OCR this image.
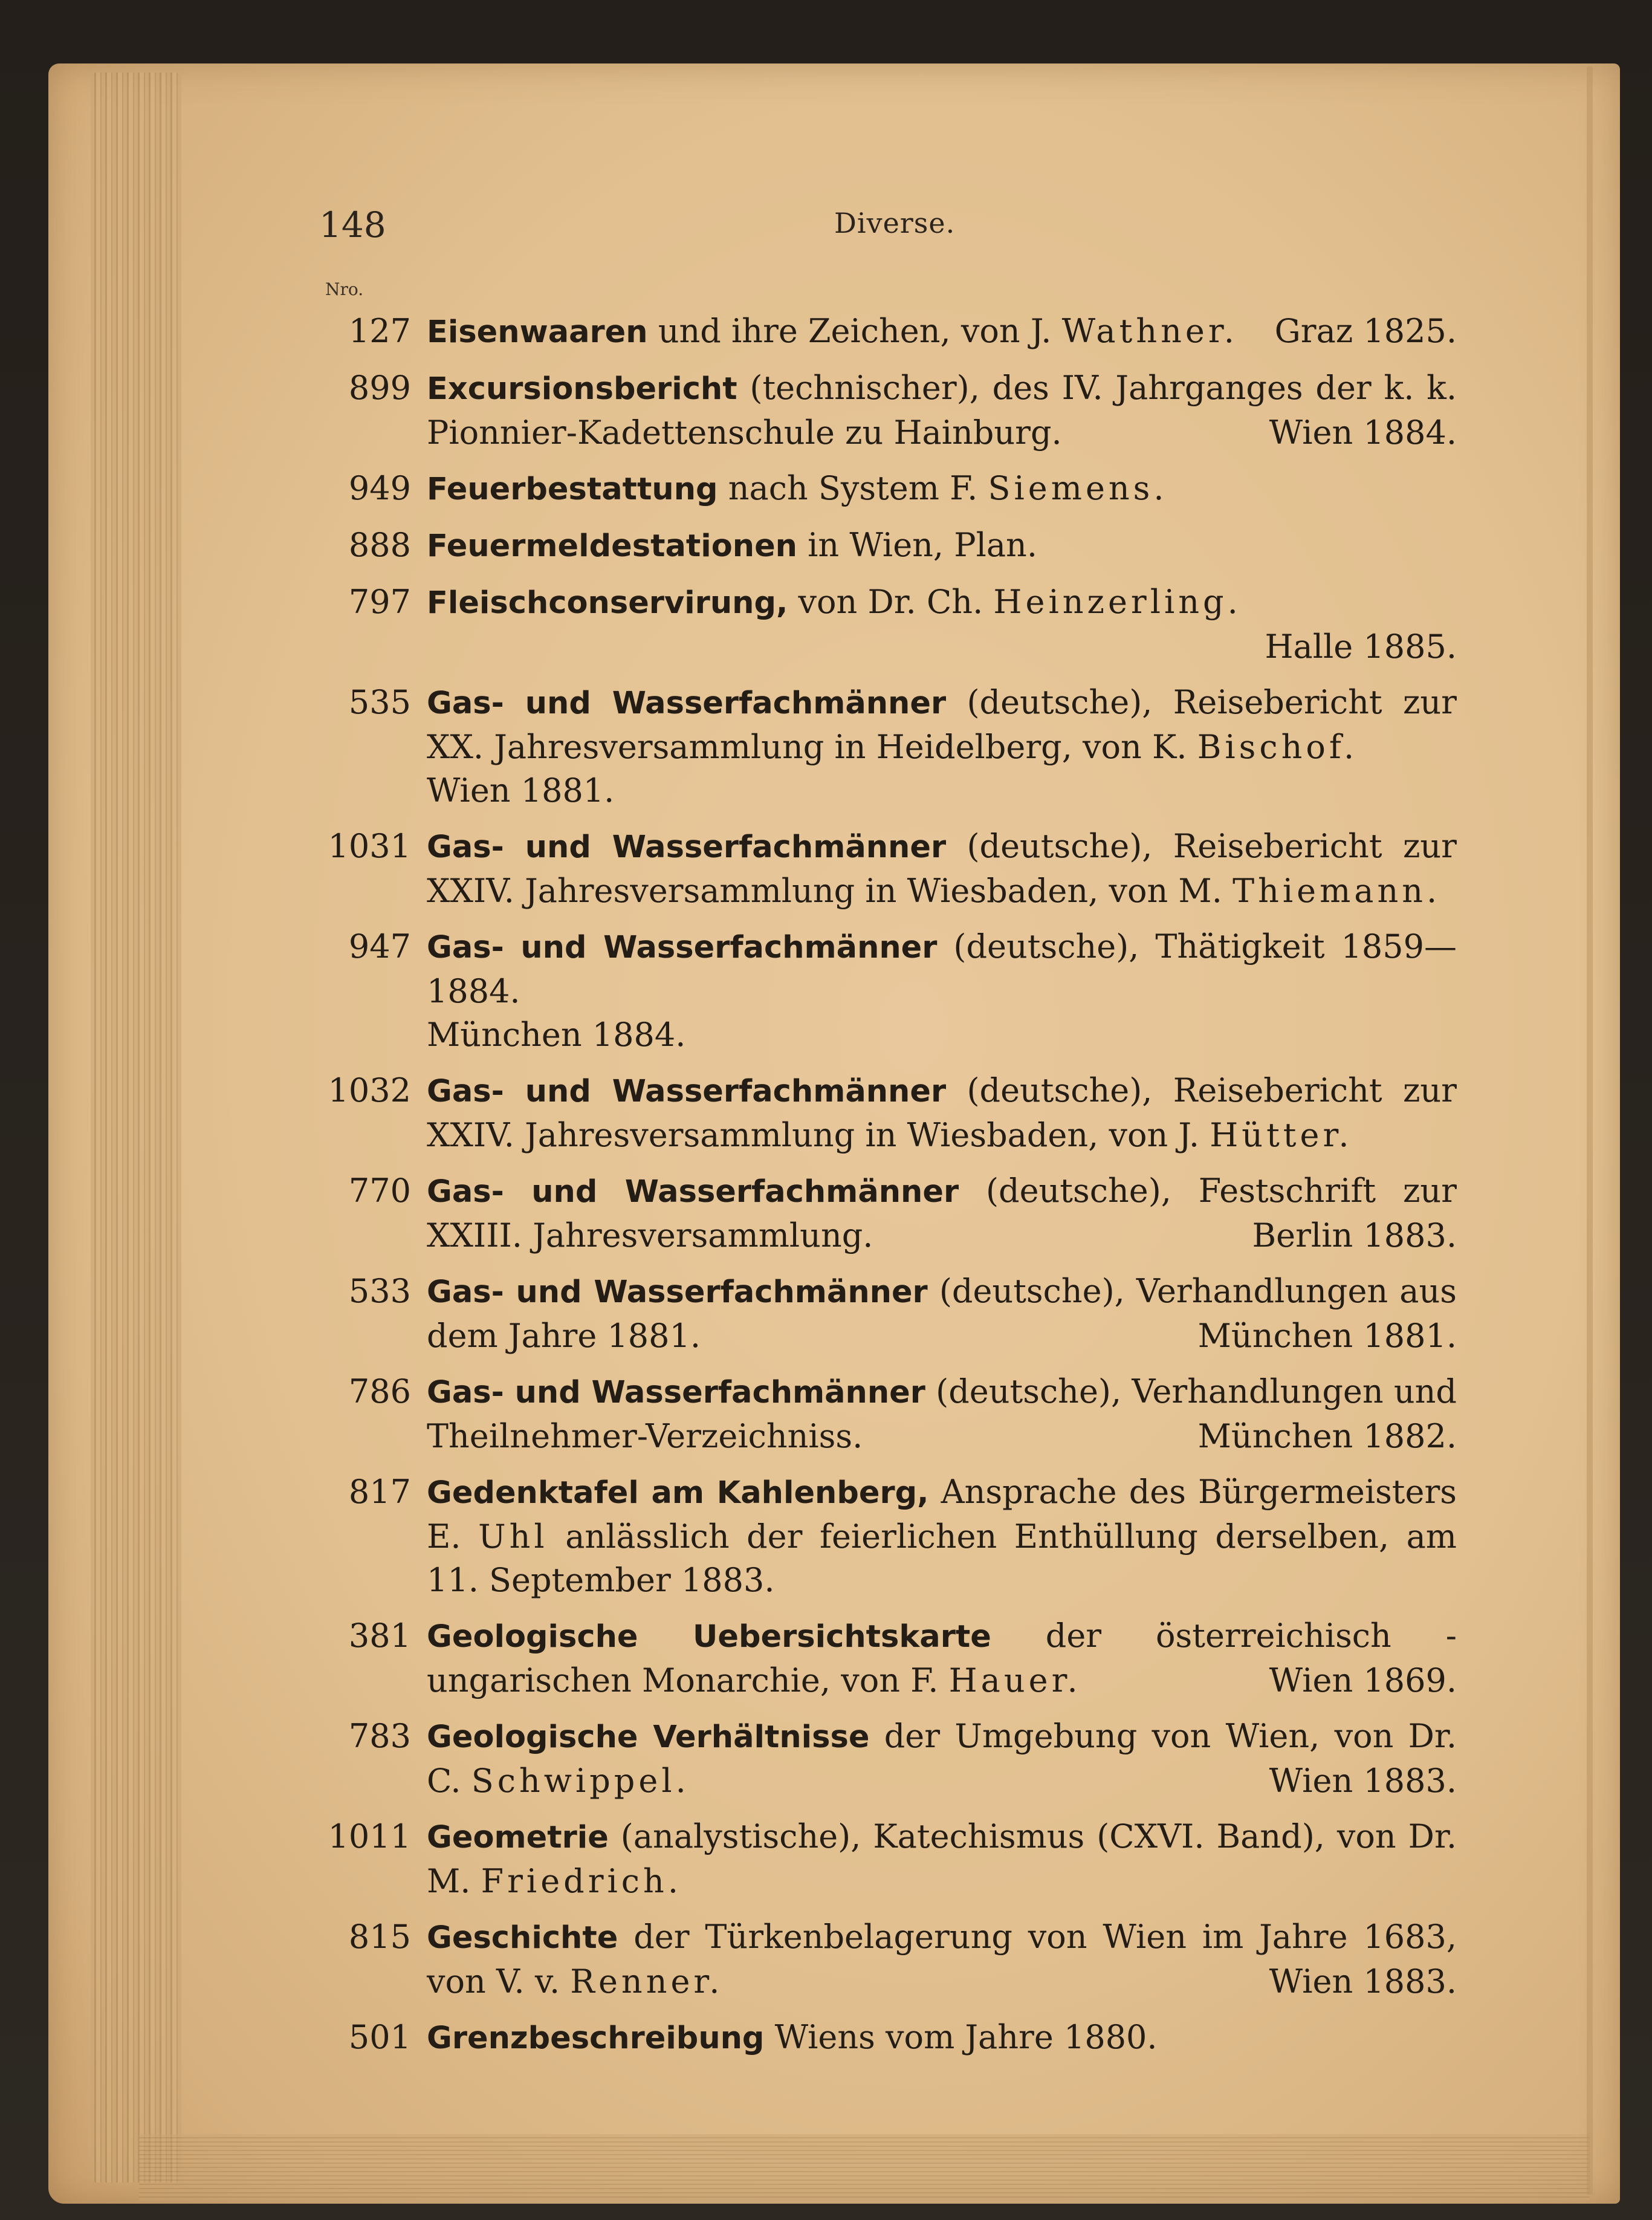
148	Diverse.
Nro.
127 Eisenwaaren und ihre Zeichen, von J. Wathner. Graz 1825.
899 Excursionsbericht (technischer), des IV. Jahrganges der k. k. Pionnier-Kadettenschule zu Hainburg.	Wien 1884.
949 Feuerbestattung nach System F. Siemens.
888 Feuermeldestationen in Wien, Plan.
797 Fleischconservirung, von Dr. Ch. Heinzerling.
Halle 1885.
535 Gas- und Wasserfachmänner (deutsche), Reisebericht zur XX. Jahresversammlung in Heidelberg, von K. Bischof.
Wien 1881.
1031 Gas- und Wasserfachmänner (deutsche), Reisebericht zur XXIV. Jahresversammlung in Wiesbaden, von M. Thiemann.
947 Gas- und Wasserfachmänner (deutsche), Thätigkeit 1859—1884.
München 1884.
1032 Gas- und Wasserfachmänner (deutsche), Reisebericht zur XXIV. Jahresversammlung in Wiesbaden, von J. Hütter.
770 Gas- und Wasserfachmänner (deutsche), Festschrift zur XXIII. Jahresversammlung.	Berlin 1883.
533 Gas- und Wasserfachmänner (deutsche), Verhandlungen aus dem Jahre 1881.	München 1881.
786 Gas- und Wasserfachmänner (deutsche), Verhandlungen und Theilnehmer-Verzeichniss.	München 1882.
817 Gedenktafel am Kahlenberg, Ansprache des Bürgermeisters E. Uhl anlässlich der feierlichen Enthüllung derselben, am 11. September 1883.
381 Geologische Uebersichtskarte der österreichisch - ungarischen Monarchie, von F. Hauer.	Wien 1869.
783 Geologische Verhältnisse der Umgebung von Wien, von Dr. C. Schwippel.	Wien 1883.
1011 Geometrie (analystische), Katechismus (CXVI. Band), von Dr. M. Friedrich.
815 Geschichte der Türkenbelagerung von Wien im Jahre 1683, von V. v. Renner.	Wien 1883.
501 Grenzbeschreibung Wiens vom Jahre 1880.
